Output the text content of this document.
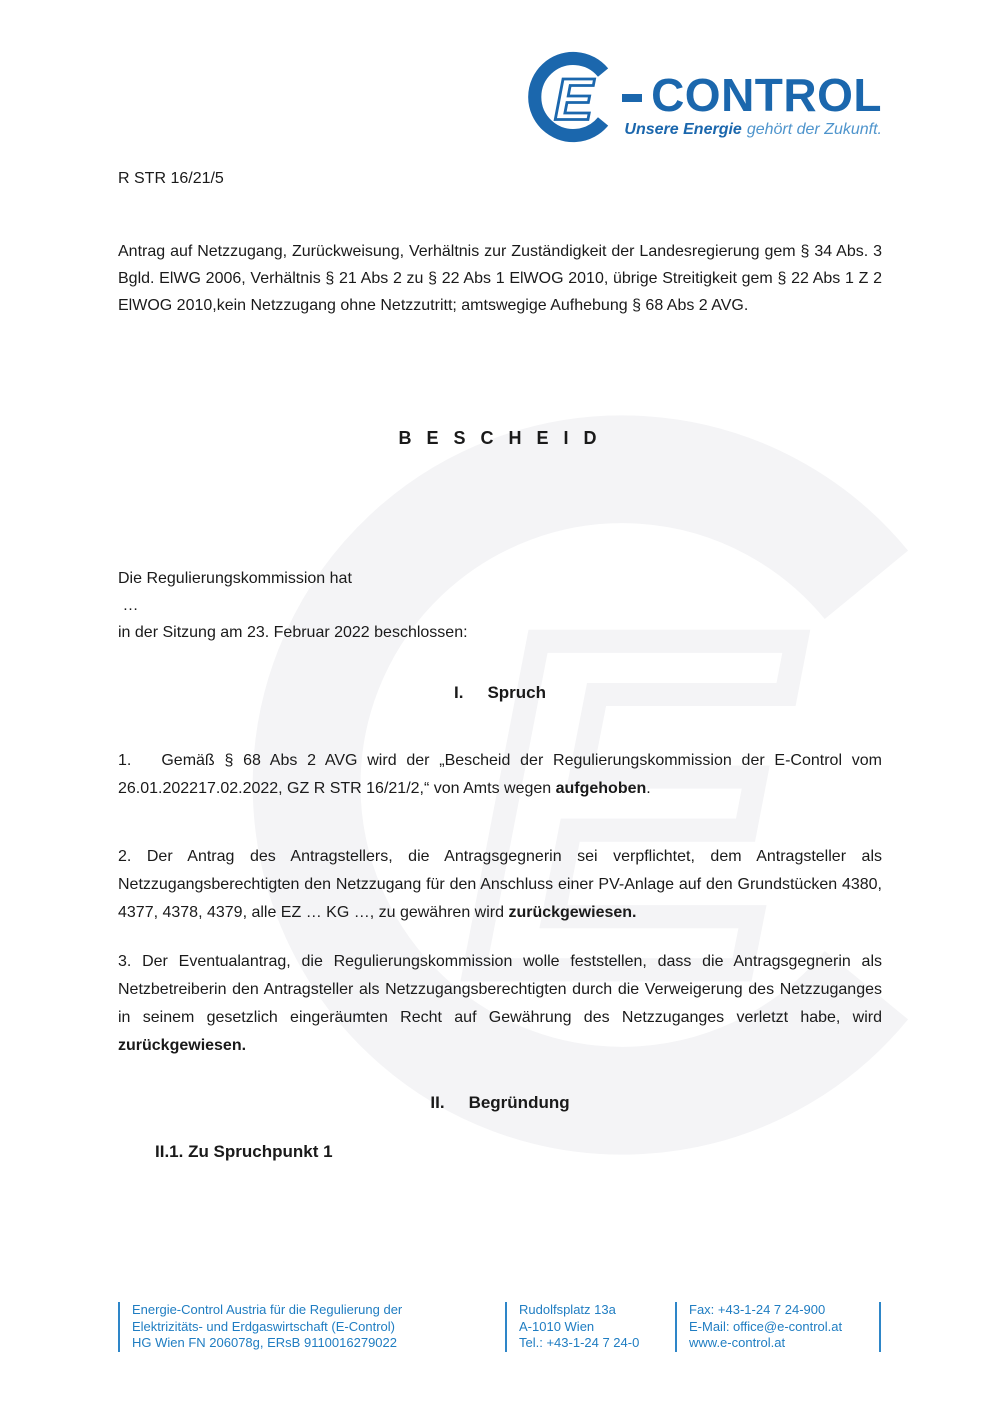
CONTROL
Unsere Energie gehört der Zukunft.

R STR 16/21/5

Antrag auf Netzzugang, Zurückweisung, Verhältnis zur Zuständigkeit der Landesregierung gem § 34 Abs. 3 Bgld. ElWG 2006, Verhältnis § 21 Abs 2 zu § 22 Abs 1 ElWOG 2010, übrige Streitigkeit gem § 22 Abs 1 Z 2 ElWOG 2010,kein Netzzugang ohne Netzzutritt; amtswegige Aufhebung § 68 Abs 2 AVG.

B E S C H E I D

Die Regulierungskommission hat

…

in der Sitzung am 23. Februar 2022 beschlossen:

I. Spruch

1. Gemäß § 68 Abs 2 AVG wird der „Bescheid der Regulierungskommission der E-Control vom 26.01.202217.02.2022, GZ R STR 16/21/2,“ von Amts wegen aufgehoben.

2. Der Antrag des Antragstellers, die Antragsgegnerin sei verpflichtet, dem Antragsteller als Netzzugangsberechtigten den Netzzugang für den Anschluss einer PV-Anlage auf den Grundstücken 4380, 4377, 4378, 4379, alle EZ … KG …, zu gewähren wird zurückgewiesen.

3. Der Eventualantrag, die Regulierungskommission wolle feststellen, dass die Antragsgegnerin als Netzbetreiberin den Antragsteller als Netzzugangsberechtigten durch die Verweigerung des Netzzuganges in seinem gesetzlich eingeräumten Recht auf Gewährung des Netzzuganges verletzt habe, wird zurückgewiesen.

II. Begründung
II.1. Zu Spruchpunkt 1
Energie-Control Austria für die Regulierung der
Elektrizitäts- und Erdgaswirtschaft (E-Control)
HG Wien FN 206078g, ERsB 9110016279022
Rudolfsplatz 13a
A-1010 Wien
Tel.: +43-1-24 7 24-0
Fax: +43-1-24 7 24-900
E-Mail: office@e-control.at
www.e-control.at
